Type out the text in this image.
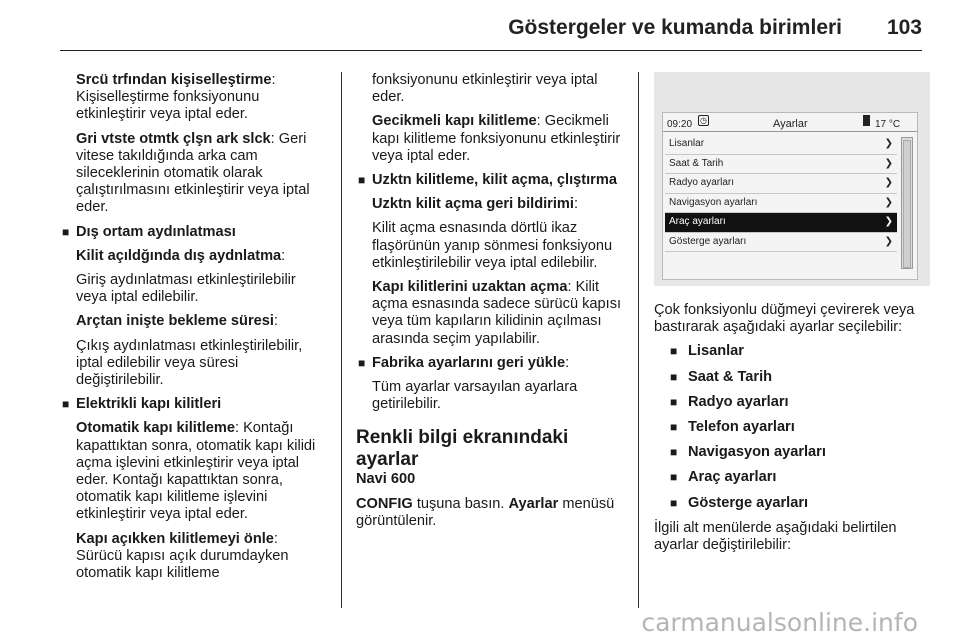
Göstergeler ve kumanda birimleri 103

Srcü trfından kişiselleştirme: Kişiselleştirme fonksiyonunu etkinleştirir veya iptal eder.

Gri vtste otmtk çlşn ark slck: Geri vitese takıldığında arka cam sileceklerinin otomatik olarak çalıştırılmasını etkinleştirir veya iptal eder.

■ Dış ortam aydınlatması

Kilit açıldğında dış aydnlatma:

Giriş aydınlatması etkinleştirilebilir veya iptal edilebilir.

Arçtan inişte bekleme süresi:

Çıkış aydınlatması etkinleştirilebilir, iptal edilebilir veya süresi değiştirilebilir.

■ Elektrikli kapı kilitleri

Otomatik kapı kilitleme: Kontağı kapattıktan sonra, otomatik kapı kilidi açma işlevini etkinleştirir veya iptal eder. Kontağı kapattıktan sonra, otomatik kapı kilitleme işlevini etkinleştirir veya iptal eder.

Kapı açıkken kilitlemeyi önle: Sürücü kapısı açık durumdayken otomatik kapı kilitleme

fonksiyonunu etkinleştirir veya iptal eder.

Gecikmeli kapı kilitleme: Gecikmeli kapı kilitleme fonksiyonunu etkinleştirir veya iptal eder.

■ Uzktn kilitleme, kilit açma, çlıştırma

Uzktn kilit açma geri bildirimi:

Kilit açma esnasında dörtlü ikaz flaşörünün yanıp sönmesi fonksiyonu etkinleştirilebilir veya iptal edilebilir.

Kapı kilitlerini uzaktan açma: Kilit açma esnasında sadece sürücü kapısı veya tüm kapıların kilidinin açılması arasında seçim yapılabilir.

■ Fabrika ayarlarını geri yükle:

Tüm ayarlar varsayılan ayarlara getirilebilir.

Renkli bilgi ekranındaki ayarlar
Navi 600

CONFIG tuşuna basın. Ayarlar menüsü görüntülenir.

09:20 ◷	Ayarlar	17 °C
Lisanlar	❯
Saat & Tarih	❯
Radyo ayarları	❯
Navigasyon ayarları	❯
Araç ayarları	❯
Gösterge ayarları	❯

Çok fonksiyonlu düğmeyi çevirerek veya bastırarak aşağıdaki ayarlar seçilebilir:

■ Lisanlar
■ Saat & Tarih
■ Radyo ayarları
■ Telefon ayarları
■ Navigasyon ayarları
■ Araç ayarları
■ Gösterge ayarları

İlgili alt menülerde aşağıdaki belirtilen ayarlar değiştirilebilir:

carmanualsonline.info
